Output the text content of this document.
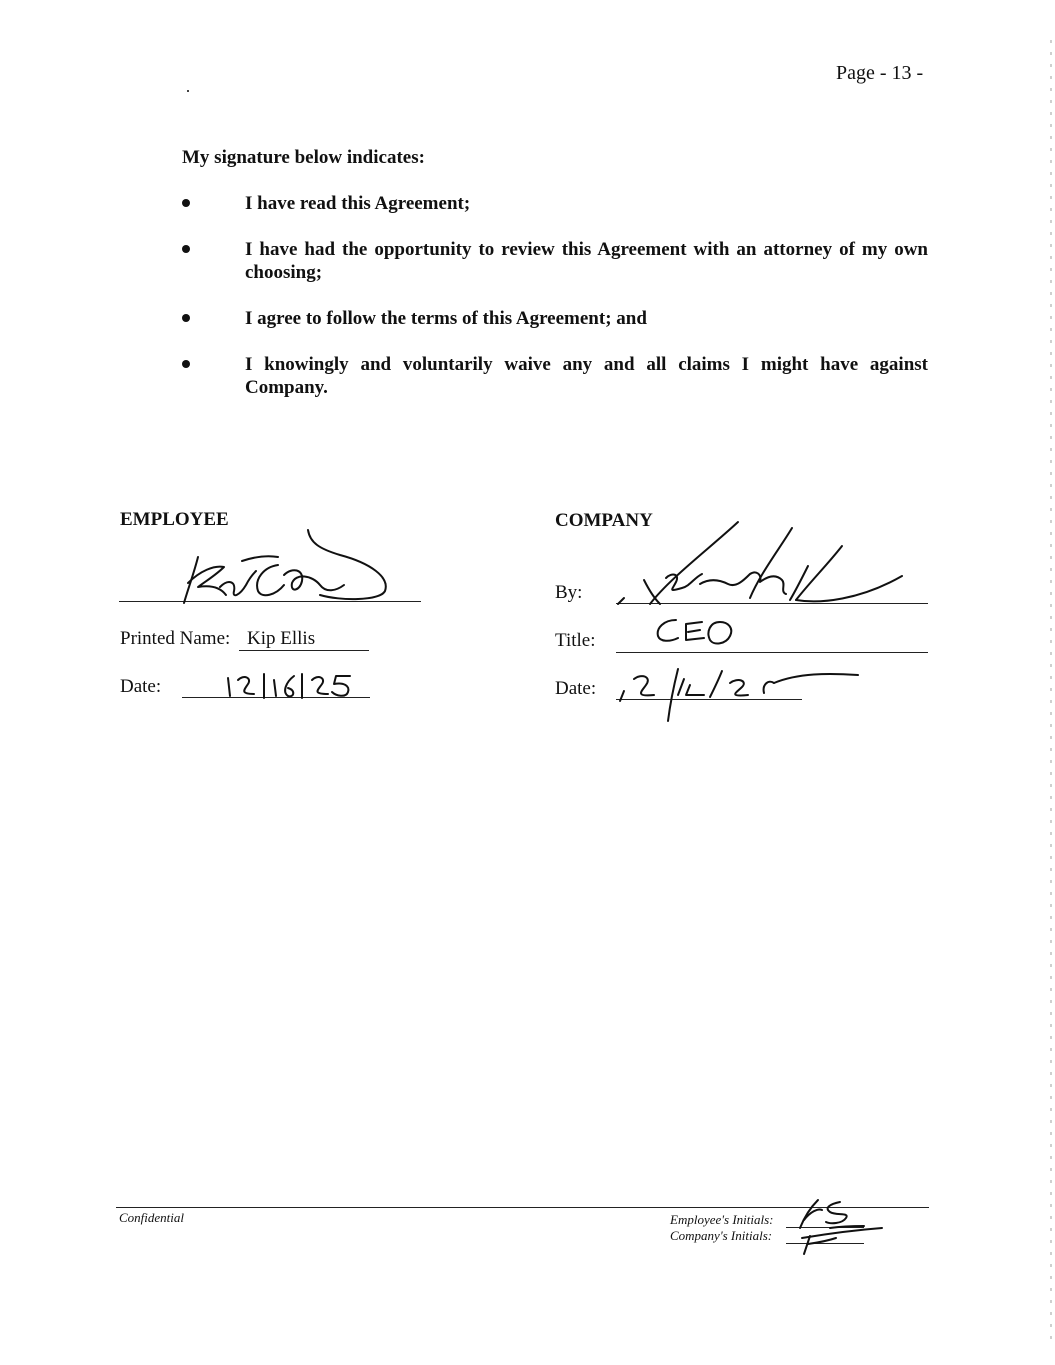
Page - 13 -
My signature below indicates:
I have read this Agreement;
I have had the opportunity to review this Agreement with an attorney of my own choosing;
I agree to follow the terms of this Agreement; and
I knowingly and voluntarily waive any and all claims I might have against Company.
EMPLOYEE
Printed Name: Kip Ellis
Date:
COMPANY
By:
Title:
Date:
Confidential	Employee's Initials:
Company's Initials:
